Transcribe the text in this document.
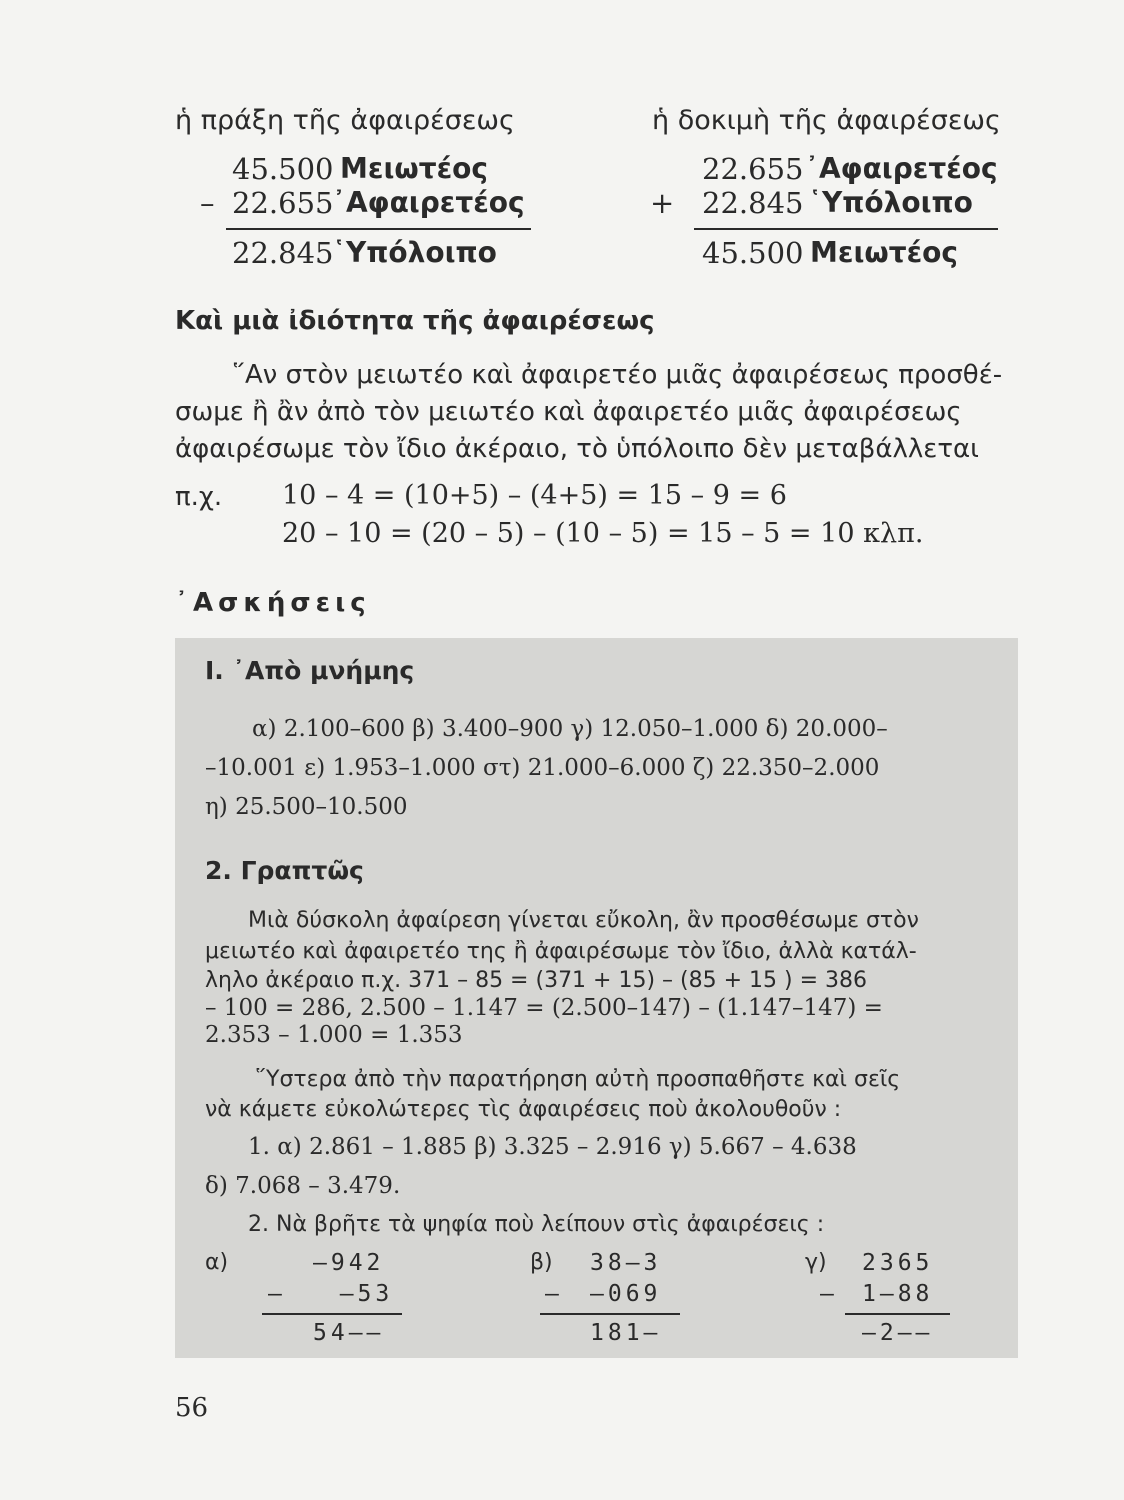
ἡ πράξη τῆς ἀφαιρέσεως	ἡ δοκιμὴ τῆς ἀφαιρέσεως
45.500 Μειωτέος
– 22.655
᾿Αφαιρετέος
22.845
῾Υπόλοιπο
22.655 ᾿Αφαιρετέος
+ 22.845 ῾Υπόλοιπο
45.500 Μειωτέος
Καὶ μιὰ ἰδιότητα τῆς ἀφαιρέσεως
῞Αν στὸν μειωτέο καὶ ἀφαιρετέο μιᾶς ἀφαιρέσεως προσθέ-
σωμε ἢ ἂν ἀπὸ τὸν μειωτέο καὶ ἀφαιρετέο μιᾶς ἀφαιρέσεως
ἀφαιρέσωμε τὸν ἴδιο ἀκέραιο, τὸ ὑπόλοιπο δὲν μεταβάλλεται
π.χ. 10 – 4 = (10+5) – (4+5) = 15 – 9 = 6
20 – 10 = (20 – 5) – (10 – 5) = 15 – 5 = 10 κλπ.
᾿Ασκήσεις
Ι. ᾿Απὸ μνήμης
α) 2.100–600 β) 3.400–900 γ) 12.050–1.000 δ) 20.000–
–10.001 ε) 1.953–1.000 στ) 21.000–6.000 ζ) 22.350–2.000
η) 25.500–10.500
2. Γραπτῶς
Μιὰ δύσκολη ἀφαίρεση γίνεται εὔκολη, ἂν προσθέσωμε στὸν
μειωτέο καὶ ἀφαιρετέο της ἢ ἀφαιρέσωμε τὸν ἴδιο, ἀλλὰ κατάλ-
ληλο ἀκέραιο π.χ. 371 – 85 = (371 + 15) – (85 + 15 ) = 386
– 100 = 286, 2.500 – 1.147 = (2.500–147) – (1.147–147) =
2.353 – 1.000 = 1.353
῞Υστερα ἀπὸ τὴν παρατήρηση αὐτὴ προσπαθῆστε καὶ σεῖς
νὰ κάμετε εὐκολώτερες τὶς ἀφαιρέσεις ποὺ ἀκολουθοῦν :
1. α) 2.861 – 1.885 β) 3.325 – 2.916 γ) 5.667 – 4.638
δ) 7.068 – 3.479.
2. Νὰ βρῆτε τὰ ψηφία ποὺ λείπουν στὶς ἀφαιρέσεις :
α)	–942
– –53
54––
β) 38–3
– –069
181–
γ) 2365
– 1–88
–2––
56
